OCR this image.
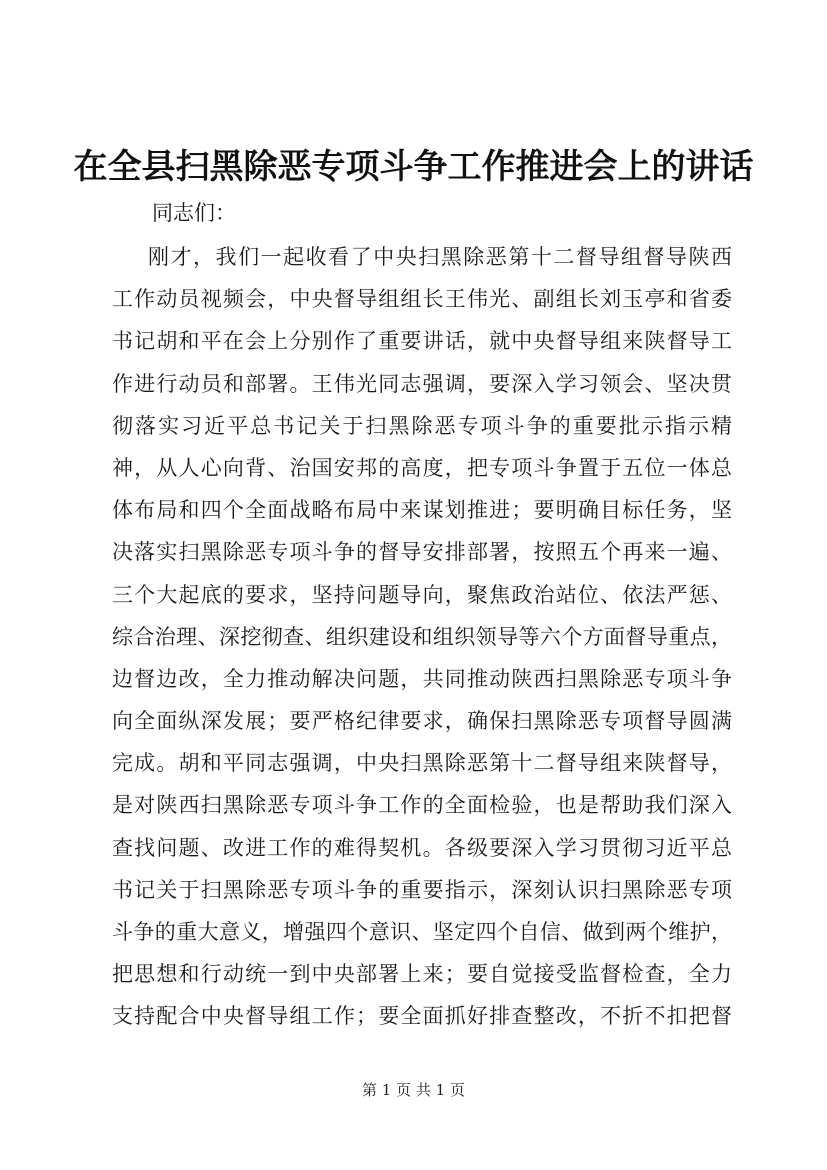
在全县扫黑除恶专项斗争工作推进会上的讲话
同志们：
刚才，我们一起收看了中央扫黑除恶第十二督导组督导陕西
工作动员视频会，中央督导组组长王伟光、副组长刘玉亭和省委
书记胡和平在会上分别作了重要讲话，就中央督导组来陕督导工
作进行动员和部署。王伟光同志强调，要深入学习领会、坚决贯
彻落实习近平总书记关于扫黑除恶专项斗争的重要批示指示精
神，从人心向背、治国安邦的高度，把专项斗争置于五位一体总
体布局和四个全面战略布局中来谋划推进；要明确目标任务，坚
决落实扫黑除恶专项斗争的督导安排部署，按照五个再来一遍、
三个大起底的要求，坚持问题导向，聚焦政治站位、依法严惩、
综合治理、深挖彻查、组织建设和组织领导等六个方面督导重点，
边督边改，全力推动解决问题，共同推动陕西扫黑除恶专项斗争
向全面纵深发展；要严格纪律要求，确保扫黑除恶专项督导圆满
完成。胡和平同志强调，中央扫黑除恶第十二督导组来陕督导，
是对陕西扫黑除恶专项斗争工作的全面检验，也是帮助我们深入
查找问题、改进工作的难得契机。各级要深入学习贯彻习近平总
书记关于扫黑除恶专项斗争的重要指示，深刻认识扫黑除恶专项
斗争的重大意义，增强四个意识、坚定四个自信、做到两个维护，
把思想和行动统一到中央部署上来；要自觉接受监督检查，全力
支持配合中央督导组工作；要全面抓好排查整改，不折不扣把督
第 1 页 共 1 页
